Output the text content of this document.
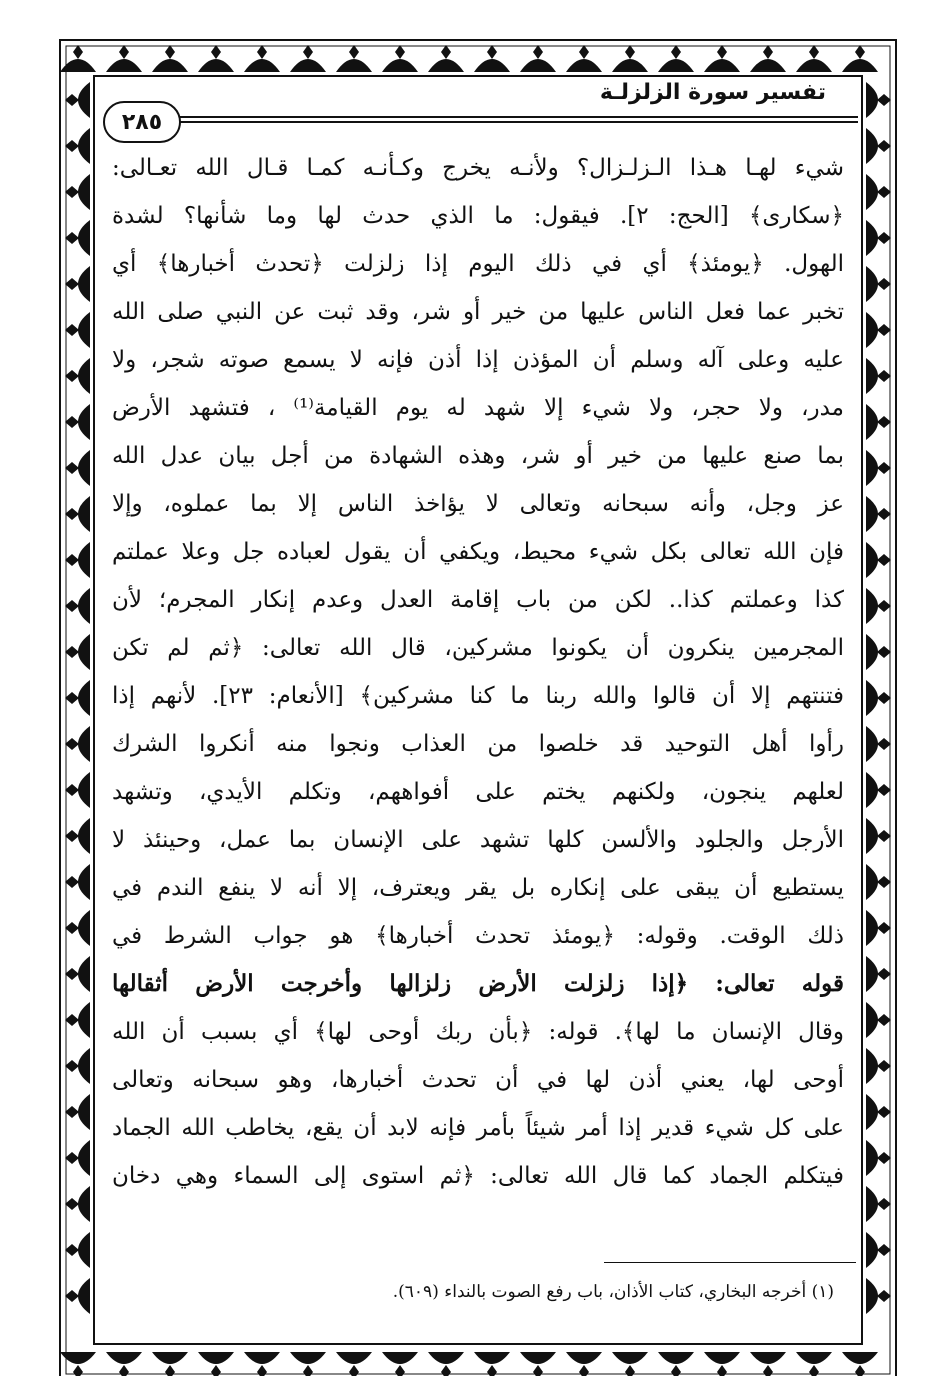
تفسير سورة الزلزلـة
٢٨٥
شيء لهـا هـذا الـزلـزال؟ ولأنـه يخرج وكـأنـه كمـا قـال الله تعـالى:
﴿سكارى﴾ [الحج: ٢]. فيقول: ما الذي حدث لها وما شأنها؟ لشدة
الهول. ﴿يومئذ﴾ أي في ذلك اليوم إذا زلزلت ﴿تحدث أخبارها﴾ أي
تخبر عما فعل الناس عليها من خير أو شر، وقد ثبت عن النبي صلى الله
عليه وعلى آله وسلم أن المؤذن إذا أذن فإنه لا يسمع صوته شجر، ولا
مدر، ولا حجر، ولا شيء إلا شهد له يوم القيامة⁽¹⁾ ، فتشهد الأرض
بما صنع عليها من خير أو شر، وهذه الشهادة من أجل بيان عدل الله
عز وجل، وأنه سبحانه وتعالى لا يؤاخذ الناس إلا بما عملوه، وإلا
فإن الله تعالى بكل شيء محيط، ويكفي أن يقول لعباده جل وعلا عملتم
كذا وعملتم كذا.. لكن من باب إقامة العدل وعدم إنكار المجرم؛ لأن
المجرمين ينكرون أن يكونوا مشركين، قال الله تعالى: ﴿ثم لم تكن
فتنتهم إلا أن قالوا والله ربنا ما كنا مشركين﴾ [الأنعام: ٢٣]. لأنهم إذا
رأوا أهل التوحيد قد خلصوا من العذاب ونجوا منه أنكروا الشرك
لعلهم ينجون، ولكنهم يختم على أفواههم، وتكلم الأيدي، وتشهد
الأرجل والجلود والألسن كلها تشهد على الإنسان بما عمل، وحينئذ لا
يستطيع أن يبقى على إنكاره بل يقر ويعترف، إلا أنه لا ينفع الندم في
ذلك الوقت. وقوله: ﴿يومئذ تحدث أخبارها﴾ هو جواب الشرط في
قوله تعالى: ﴿إذا زلزلت الأرض زلزالها وأخرجت الأرض أثقالها
وقال الإنسان ما لها﴾. قوله: ﴿بأن ربك أوحى لها﴾ أي بسبب أن الله
أوحى لها، يعني أذن لها في أن تحدث أخبارها، وهو سبحانه وتعالى
على كل شيء قدير إذا أمر شيئاً بأمر فإنه لابد أن يقع، يخاطب الله الجماد
فيتكلم الجماد كما قال الله تعالى: ﴿ثم استوى إلى السماء وهي دخان
(١) أخرجه البخاري، كتاب الأذان، باب رفع الصوت بالنداء (٦٠٩).
